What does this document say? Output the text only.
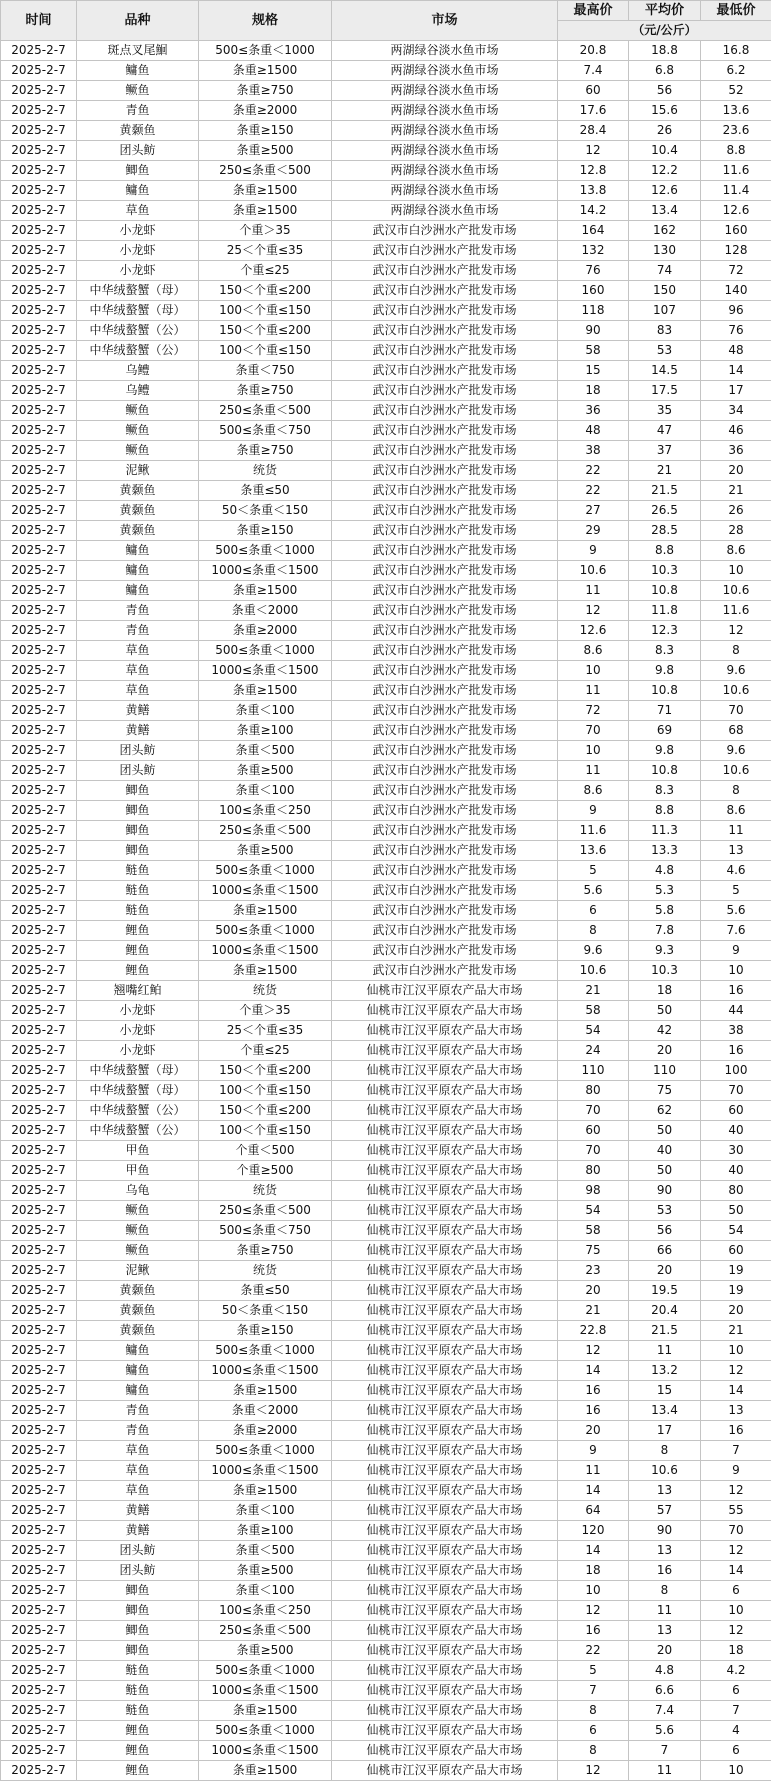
时间	品种	规格	市场	最高价	平均价	最低价
				（元/公斤）		
2025-2-7	斑点叉尾鮰	500≤条重＜1000	两湖绿谷淡水鱼市场	20.8	18.8	16.8
2025-2-7	鳙鱼	条重≥1500	两湖绿谷淡水鱼市场	7.4	6.8	6.2
2025-2-7	鳜鱼	条重≥750	两湖绿谷淡水鱼市场	60	56	52
2025-2-7	青鱼	条重≥2000	两湖绿谷淡水鱼市场	17.6	15.6	13.6
2025-2-7	黄颡鱼	条重≥150	两湖绿谷淡水鱼市场	28.4	26	23.6
2025-2-7	团头鲂	条重≥500	两湖绿谷淡水鱼市场	12	10.4	8.8
2025-2-7	鲫鱼	250≤条重＜500	两湖绿谷淡水鱼市场	12.8	12.2	11.6
2025-2-7	鳙鱼	条重≥1500	两湖绿谷淡水鱼市场	13.8	12.6	11.4
2025-2-7	草鱼	条重≥1500	两湖绿谷淡水鱼市场	14.2	13.4	12.6
2025-2-7	小龙虾	个重＞35	武汉市白沙洲水产批发市场	164	162	160
2025-2-7	小龙虾	25＜个重≤35	武汉市白沙洲水产批发市场	132	130	128
2025-2-7	小龙虾	个重≤25	武汉市白沙洲水产批发市场	76	74	72
2025-2-7	中华绒螯蟹（母）	150＜个重≤200	武汉市白沙洲水产批发市场	160	150	140
2025-2-7	中华绒螯蟹（母）	100＜个重≤150	武汉市白沙洲水产批发市场	118	107	96
2025-2-7	中华绒螯蟹（公）	150＜个重≤200	武汉市白沙洲水产批发市场	90	83	76
2025-2-7	中华绒螯蟹（公）	100＜个重≤150	武汉市白沙洲水产批发市场	58	53	48
2025-2-7	乌鳢	条重＜750	武汉市白沙洲水产批发市场	15	14.5	14
2025-2-7	乌鳢	条重≥750	武汉市白沙洲水产批发市场	18	17.5	17
2025-2-7	鳜鱼	250≤条重＜500	武汉市白沙洲水产批发市场	36	35	34
2025-2-7	鳜鱼	500≤条重＜750	武汉市白沙洲水产批发市场	48	47	46
2025-2-7	鳜鱼	条重≥750	武汉市白沙洲水产批发市场	38	37	36
2025-2-7	泥鳅	统货	武汉市白沙洲水产批发市场	22	21	20
2025-2-7	黄颡鱼	条重≤50	武汉市白沙洲水产批发市场	22	21.5	21
2025-2-7	黄颡鱼	50＜条重＜150	武汉市白沙洲水产批发市场	27	26.5	26
2025-2-7	黄颡鱼	条重≥150	武汉市白沙洲水产批发市场	29	28.5	28
2025-2-7	鳙鱼	500≤条重＜1000	武汉市白沙洲水产批发市场	9	8.8	8.6
2025-2-7	鳙鱼	1000≤条重＜1500	武汉市白沙洲水产批发市场	10.6	10.3	10
2025-2-7	鳙鱼	条重≥1500	武汉市白沙洲水产批发市场	11	10.8	10.6
2025-2-7	青鱼	条重＜2000	武汉市白沙洲水产批发市场	12	11.8	11.6
2025-2-7	青鱼	条重≥2000	武汉市白沙洲水产批发市场	12.6	12.3	12
2025-2-7	草鱼	500≤条重＜1000	武汉市白沙洲水产批发市场	8.6	8.3	8
2025-2-7	草鱼	1000≤条重＜1500	武汉市白沙洲水产批发市场	10	9.8	9.6
2025-2-7	草鱼	条重≥1500	武汉市白沙洲水产批发市场	11	10.8	10.6
2025-2-7	黄鳝	条重＜100	武汉市白沙洲水产批发市场	72	71	70
2025-2-7	黄鳝	条重≥100	武汉市白沙洲水产批发市场	70	69	68
2025-2-7	团头鲂	条重＜500	武汉市白沙洲水产批发市场	10	9.8	9.6
2025-2-7	团头鲂	条重≥500	武汉市白沙洲水产批发市场	11	10.8	10.6
2025-2-7	鲫鱼	条重＜100	武汉市白沙洲水产批发市场	8.6	8.3	8
2025-2-7	鲫鱼	100≤条重＜250	武汉市白沙洲水产批发市场	9	8.8	8.6
2025-2-7	鲫鱼	250≤条重＜500	武汉市白沙洲水产批发市场	11.6	11.3	11
2025-2-7	鲫鱼	条重≥500	武汉市白沙洲水产批发市场	13.6	13.3	13
2025-2-7	鲢鱼	500≤条重＜1000	武汉市白沙洲水产批发市场	5	4.8	4.6
2025-2-7	鲢鱼	1000≤条重＜1500	武汉市白沙洲水产批发市场	5.6	5.3	5
2025-2-7	鲢鱼	条重≥1500	武汉市白沙洲水产批发市场	6	5.8	5.6
2025-2-7	鲤鱼	500≤条重＜1000	武汉市白沙洲水产批发市场	8	7.8	7.6
2025-2-7	鲤鱼	1000≤条重＜1500	武汉市白沙洲水产批发市场	9.6	9.3	9
2025-2-7	鲤鱼	条重≥1500	武汉市白沙洲水产批发市场	10.6	10.3	10
2025-2-7	翘嘴红鲌	统货	仙桃市江汉平原农产品大市场	21	18	16
2025-2-7	小龙虾	个重＞35	仙桃市江汉平原农产品大市场	58	50	44
2025-2-7	小龙虾	25＜个重≤35	仙桃市江汉平原农产品大市场	54	42	38
2025-2-7	小龙虾	个重≤25	仙桃市江汉平原农产品大市场	24	20	16
2025-2-7	中华绒螯蟹（母）	150＜个重≤200	仙桃市江汉平原农产品大市场	110	110	100
2025-2-7	中华绒螯蟹（母）	100＜个重≤150	仙桃市江汉平原农产品大市场	80	75	70
2025-2-7	中华绒螯蟹（公）	150＜个重≤200	仙桃市江汉平原农产品大市场	70	62	60
2025-2-7	中华绒螯蟹（公）	100＜个重≤150	仙桃市江汉平原农产品大市场	60	50	40
2025-2-7	甲鱼	个重＜500	仙桃市江汉平原农产品大市场	70	40	30
2025-2-7	甲鱼	个重≥500	仙桃市江汉平原农产品大市场	80	50	40
2025-2-7	乌龟	统货	仙桃市江汉平原农产品大市场	98	90	80
2025-2-7	鳜鱼	250≤条重＜500	仙桃市江汉平原农产品大市场	54	53	50
2025-2-7	鳜鱼	500≤条重＜750	仙桃市江汉平原农产品大市场	58	56	54
2025-2-7	鳜鱼	条重≥750	仙桃市江汉平原农产品大市场	75	66	60
2025-2-7	泥鳅	统货	仙桃市江汉平原农产品大市场	23	20	19
2025-2-7	黄颡鱼	条重≤50	仙桃市江汉平原农产品大市场	20	19.5	19
2025-2-7	黄颡鱼	50＜条重＜150	仙桃市江汉平原农产品大市场	21	20.4	20
2025-2-7	黄颡鱼	条重≥150	仙桃市江汉平原农产品大市场	22.8	21.5	21
2025-2-7	鳙鱼	500≤条重＜1000	仙桃市江汉平原农产品大市场	12	11	10
2025-2-7	鳙鱼	1000≤条重＜1500	仙桃市江汉平原农产品大市场	14	13.2	12
2025-2-7	鳙鱼	条重≥1500	仙桃市江汉平原农产品大市场	16	15	14
2025-2-7	青鱼	条重＜2000	仙桃市江汉平原农产品大市场	16	13.4	13
2025-2-7	青鱼	条重≥2000	仙桃市江汉平原农产品大市场	20	17	16
2025-2-7	草鱼	500≤条重＜1000	仙桃市江汉平原农产品大市场	9	8	7
2025-2-7	草鱼	1000≤条重＜1500	仙桃市江汉平原农产品大市场	11	10.6	9
2025-2-7	草鱼	条重≥1500	仙桃市江汉平原农产品大市场	14	13	12
2025-2-7	黄鳝	条重＜100	仙桃市江汉平原农产品大市场	64	57	55
2025-2-7	黄鳝	条重≥100	仙桃市江汉平原农产品大市场	120	90	70
2025-2-7	团头鲂	条重＜500	仙桃市江汉平原农产品大市场	14	13	12
2025-2-7	团头鲂	条重≥500	仙桃市江汉平原农产品大市场	18	16	14
2025-2-7	鲫鱼	条重＜100	仙桃市江汉平原农产品大市场	10	8	6
2025-2-7	鲫鱼	100≤条重＜250	仙桃市江汉平原农产品大市场	12	11	10
2025-2-7	鲫鱼	250≤条重＜500	仙桃市江汉平原农产品大市场	16	13	12
2025-2-7	鲫鱼	条重≥500	仙桃市江汉平原农产品大市场	22	20	18
2025-2-7	鲢鱼	500≤条重＜1000	仙桃市江汉平原农产品大市场	5	4.8	4.2
2025-2-7	鲢鱼	1000≤条重＜1500	仙桃市江汉平原农产品大市场	7	6.6	6
2025-2-7	鲢鱼	条重≥1500	仙桃市江汉平原农产品大市场	8	7.4	7
2025-2-7	鲤鱼	500≤条重＜1000	仙桃市江汉平原农产品大市场	6	5.6	4
2025-2-7	鲤鱼	1000≤条重＜1500	仙桃市江汉平原农产品大市场	8	7	6
2025-2-7	鲤鱼	条重≥1500	仙桃市江汉平原农产品大市场	12	11	10
